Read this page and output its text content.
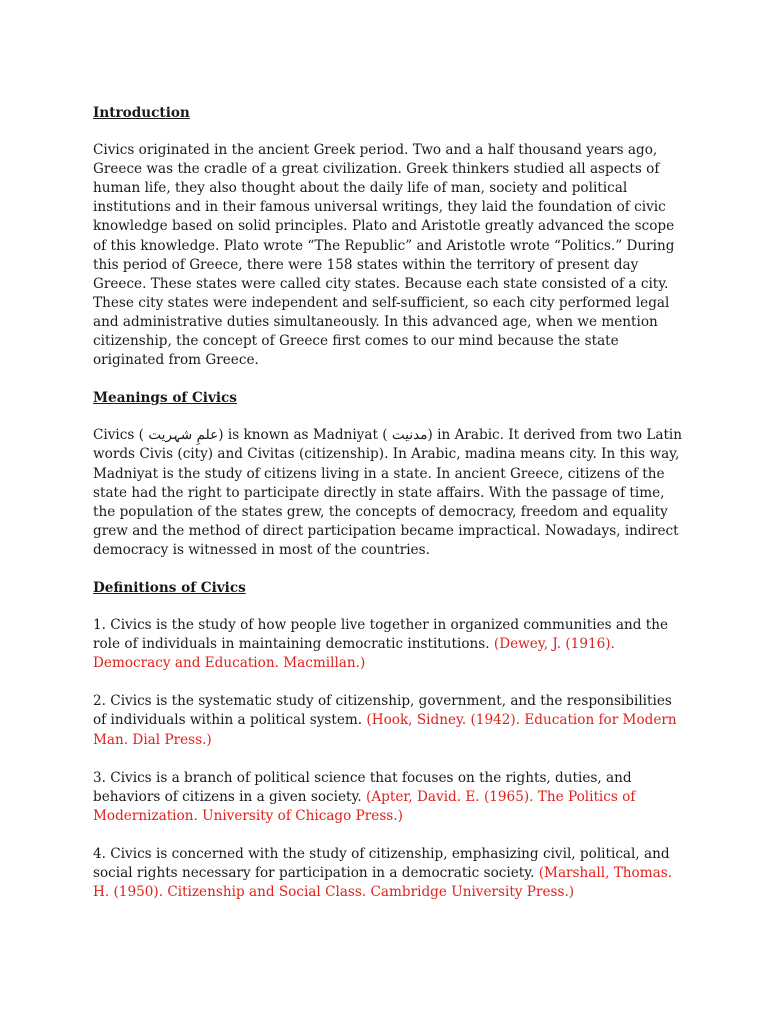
Introduction

Civics originated in the ancient Greek period. Two and a half thousand years ago, Greece was the cradle of a great civilization. Greek thinkers studied all aspects of human life, they also thought about the daily life of man, society and political institutions and in their famous universal writings, they laid the foundation of civic knowledge based on solid principles. Plato and Aristotle greatly advanced the scope of this knowledge. Plato wrote “The Republic” and Aristotle wrote “Politics.” During this period of Greece, there were 158 states within the territory of present day Greece. These states were called city states. Because each state consisted of a city. These city states were independent and self-sufficient, so each city performed legal and administrative duties simultaneously. In this advanced age, when we mention citizenship, the concept of Greece first comes to our mind because the state originated from Greece.

Meanings of Civics

Civics ( علمِ شہریت) is known as Madniyat ( مدنیت) in Arabic. It derived from two Latin words Civis (city) and Civitas (citizenship). In Arabic, madina means city. In this way, Madniyat is the study of citizens living in a state. In ancient Greece, citizens of the state had the right to participate directly in state affairs. With the passage of time, the population of the states grew, the concepts of democracy, freedom and equality grew and the method of direct participation became impractical. Nowadays, indirect democracy is witnessed in most of the countries.

Definitions of Civics

1. Civics is the study of how people live together in organized communities and the role of individuals in maintaining democratic institutions. (Dewey, J. (1916). Democracy and Education. Macmillan.)

2. Civics is the systematic study of citizenship, government, and the responsibilities of individuals within a political system. (Hook, Sidney. (1942). Education for Modern Man. Dial Press.)

3. Civics is a branch of political science that focuses on the rights, duties, and behaviors of citizens in a given society. (Apter, David. E. (1965). The Politics of Modernization. University of Chicago Press.)

4. Civics is concerned with the study of citizenship, emphasizing civil, political, and social rights necessary for participation in a democratic society. (Marshall, Thomas. H. (1950). Citizenship and Social Class. Cambridge University Press.)
